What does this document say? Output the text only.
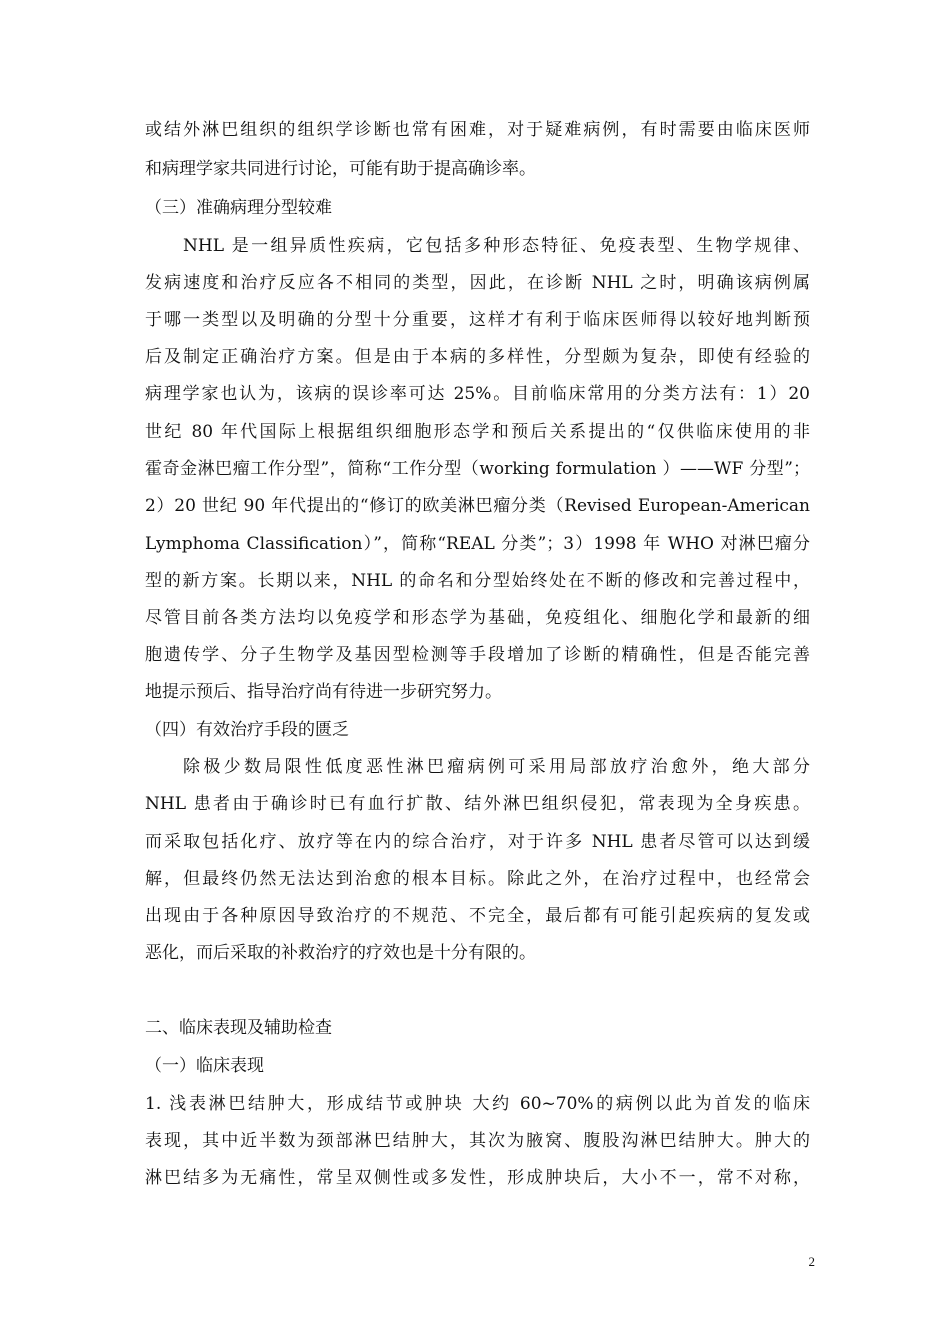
或结外淋巴组织的组织学诊断也常有困难，对于疑难病例，有时需要由临床医师
和病理学家共同进行讨论，可能有助于提高确诊率。
（三）准确病理分型较难
NHL 是一组异质性疾病，它包括多种形态特征、免疫表型、生物学规律、
发病速度和治疗反应各不相同的类型，因此，在诊断 NHL 之时，明确该病例属
于哪一类型以及明确的分型十分重要，这样才有利于临床医师得以较好地判断预
后及制定正确治疗方案。但是由于本病的多样性，分型颇为复杂，即使有经验的
病理学家也认为，该病的误诊率可达 25%。目前临床常用的分类方法有：1）20
世纪 80 年代国际上根据组织细胞形态学和预后关系提出的“仅供临床使用的非
霍奇金淋巴瘤工作分型”，简称“工作分型（working formulation ）——WF 分型”；
2）20 世纪 90 年代提出的“修订的欧美淋巴瘤分类（Revised European-American
Lymphoma Classification）”，简称“REAL 分类”；3）1998 年 WHO 对淋巴瘤分
型的新方案。长期以来，NHL 的命名和分型始终处在不断的修改和完善过程中，
尽管目前各类方法均以免疫学和形态学为基础，免疫组化、细胞化学和最新的细
胞遗传学、分子生物学及基因型检测等手段增加了诊断的精确性，但是否能完善
地提示预后、指导治疗尚有待进一步研究努力。
（四）有效治疗手段的匮乏
除极少数局限性低度恶性淋巴瘤病例可采用局部放疗治愈外，绝大部分
NHL 患者由于确诊时已有血行扩散、结外淋巴组织侵犯，常表现为全身疾患。
而采取包括化疗、放疗等在内的综合治疗，对于许多 NHL 患者尽管可以达到缓
解，但最终仍然无法达到治愈的根本目标。除此之外，在治疗过程中，也经常会
出现由于各种原因导致治疗的不规范、不完全，最后都有可能引起疾病的复发或
恶化，而后采取的补救治疗的疗效也是十分有限的。
二、临床表现及辅助检查
（一）临床表现
1. 浅表淋巴结肿大，形成结节或肿块 大约 60~70%的病例以此为首发的临床
表现，其中近半数为颈部淋巴结肿大，其次为腋窝、腹股沟淋巴结肿大。肿大的
淋巴结多为无痛性，常呈双侧性或多发性，形成肿块后，大小不一，常不对称，
2
